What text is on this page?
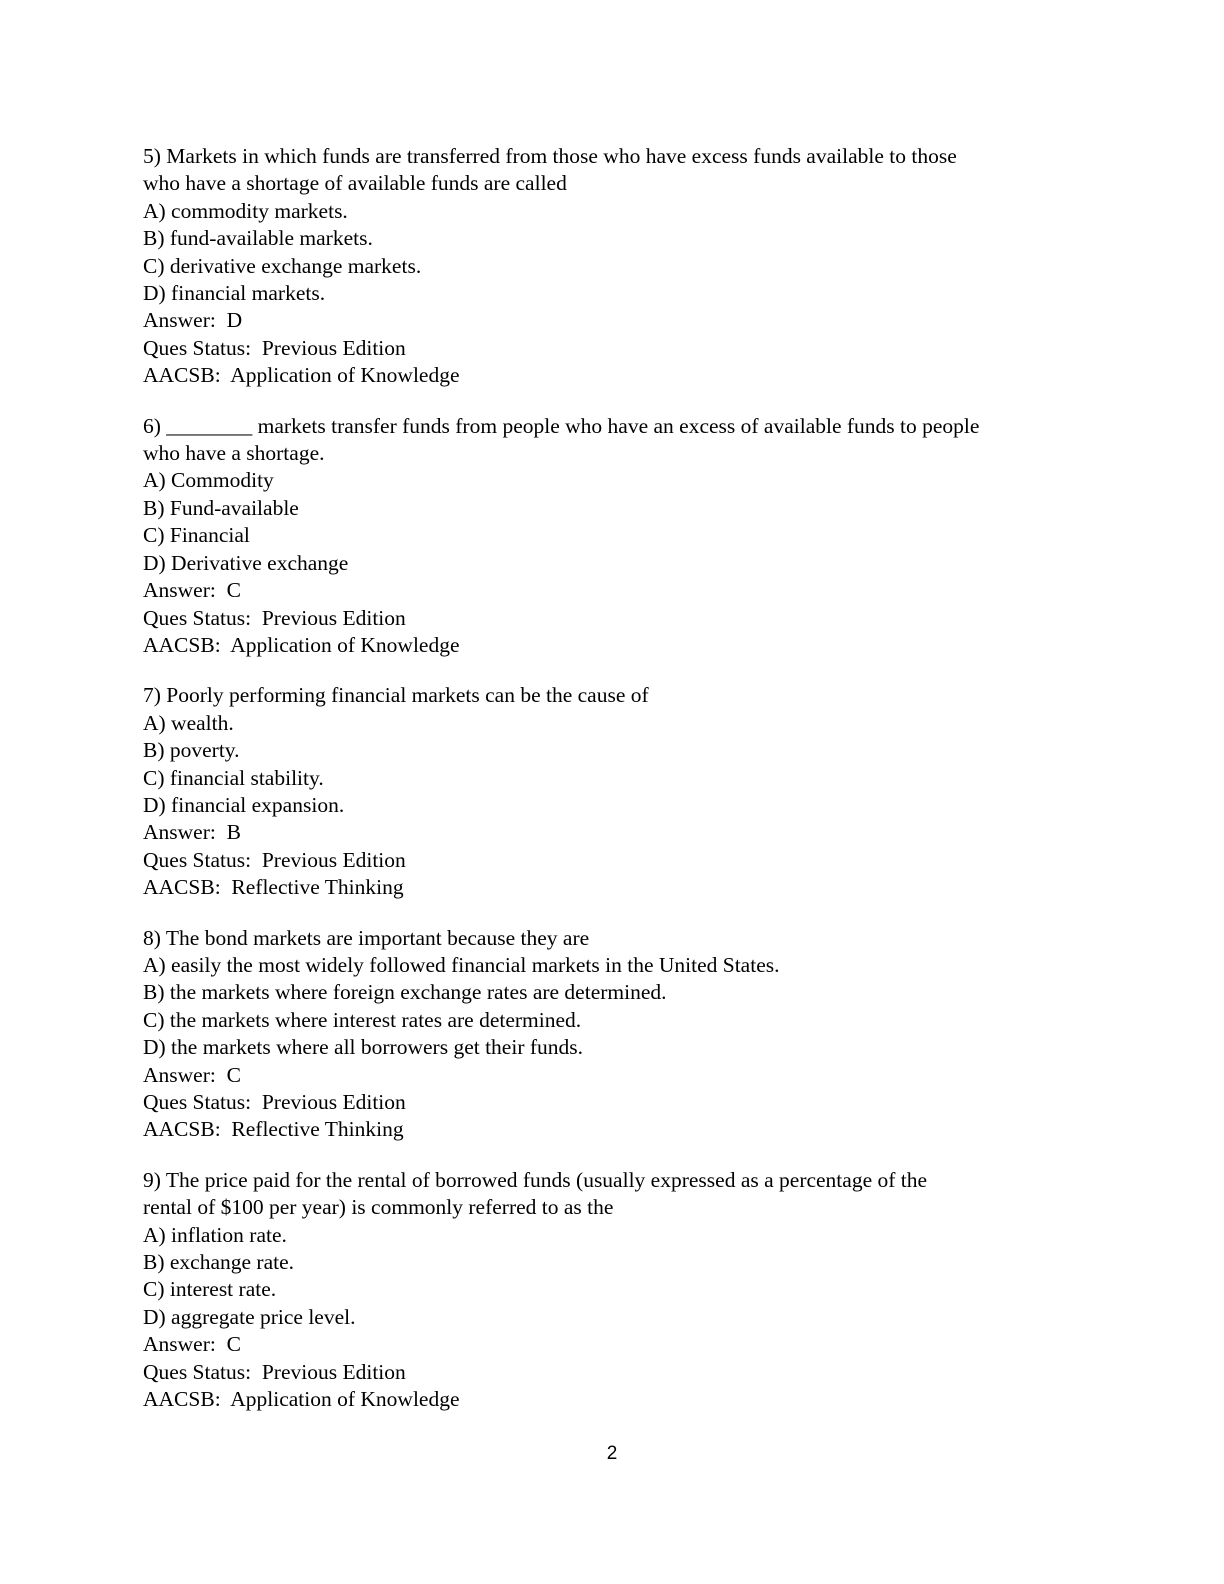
5) Markets in which funds are transferred from those who have excess funds available to those

who have a shortage of available funds are called

A) commodity markets.

B) fund-available markets.

C) derivative exchange markets.

D) financial markets.

Answer:  D

Ques Status:  Previous Edition

AACSB:  Application of Knowledge

6) ________ markets transfer funds from people who have an excess of available funds to people

who have a shortage.

A) Commodity

B) Fund-available

C) Financial

D) Derivative exchange

Answer:  C

Ques Status:  Previous Edition

AACSB:  Application of Knowledge

7) Poorly performing financial markets can be the cause of

A) wealth.

B) poverty.

C) financial stability.

D) financial expansion.

Answer:  B

Ques Status:  Previous Edition

AACSB:  Reflective Thinking

8) The bond markets are important because they are

A) easily the most widely followed financial markets in the United States.

B) the markets where foreign exchange rates are determined.

C) the markets where interest rates are determined.

D) the markets where all borrowers get their funds.

Answer:  C

Ques Status:  Previous Edition

AACSB:  Reflective Thinking

9) The price paid for the rental of borrowed funds (usually expressed as a percentage of the

rental of $100 per year) is commonly referred to as the

A) inflation rate.

B) exchange rate.

C) interest rate.

D) aggregate price level.

Answer:  C

Ques Status:  Previous Edition

AACSB:  Application of Knowledge

2
